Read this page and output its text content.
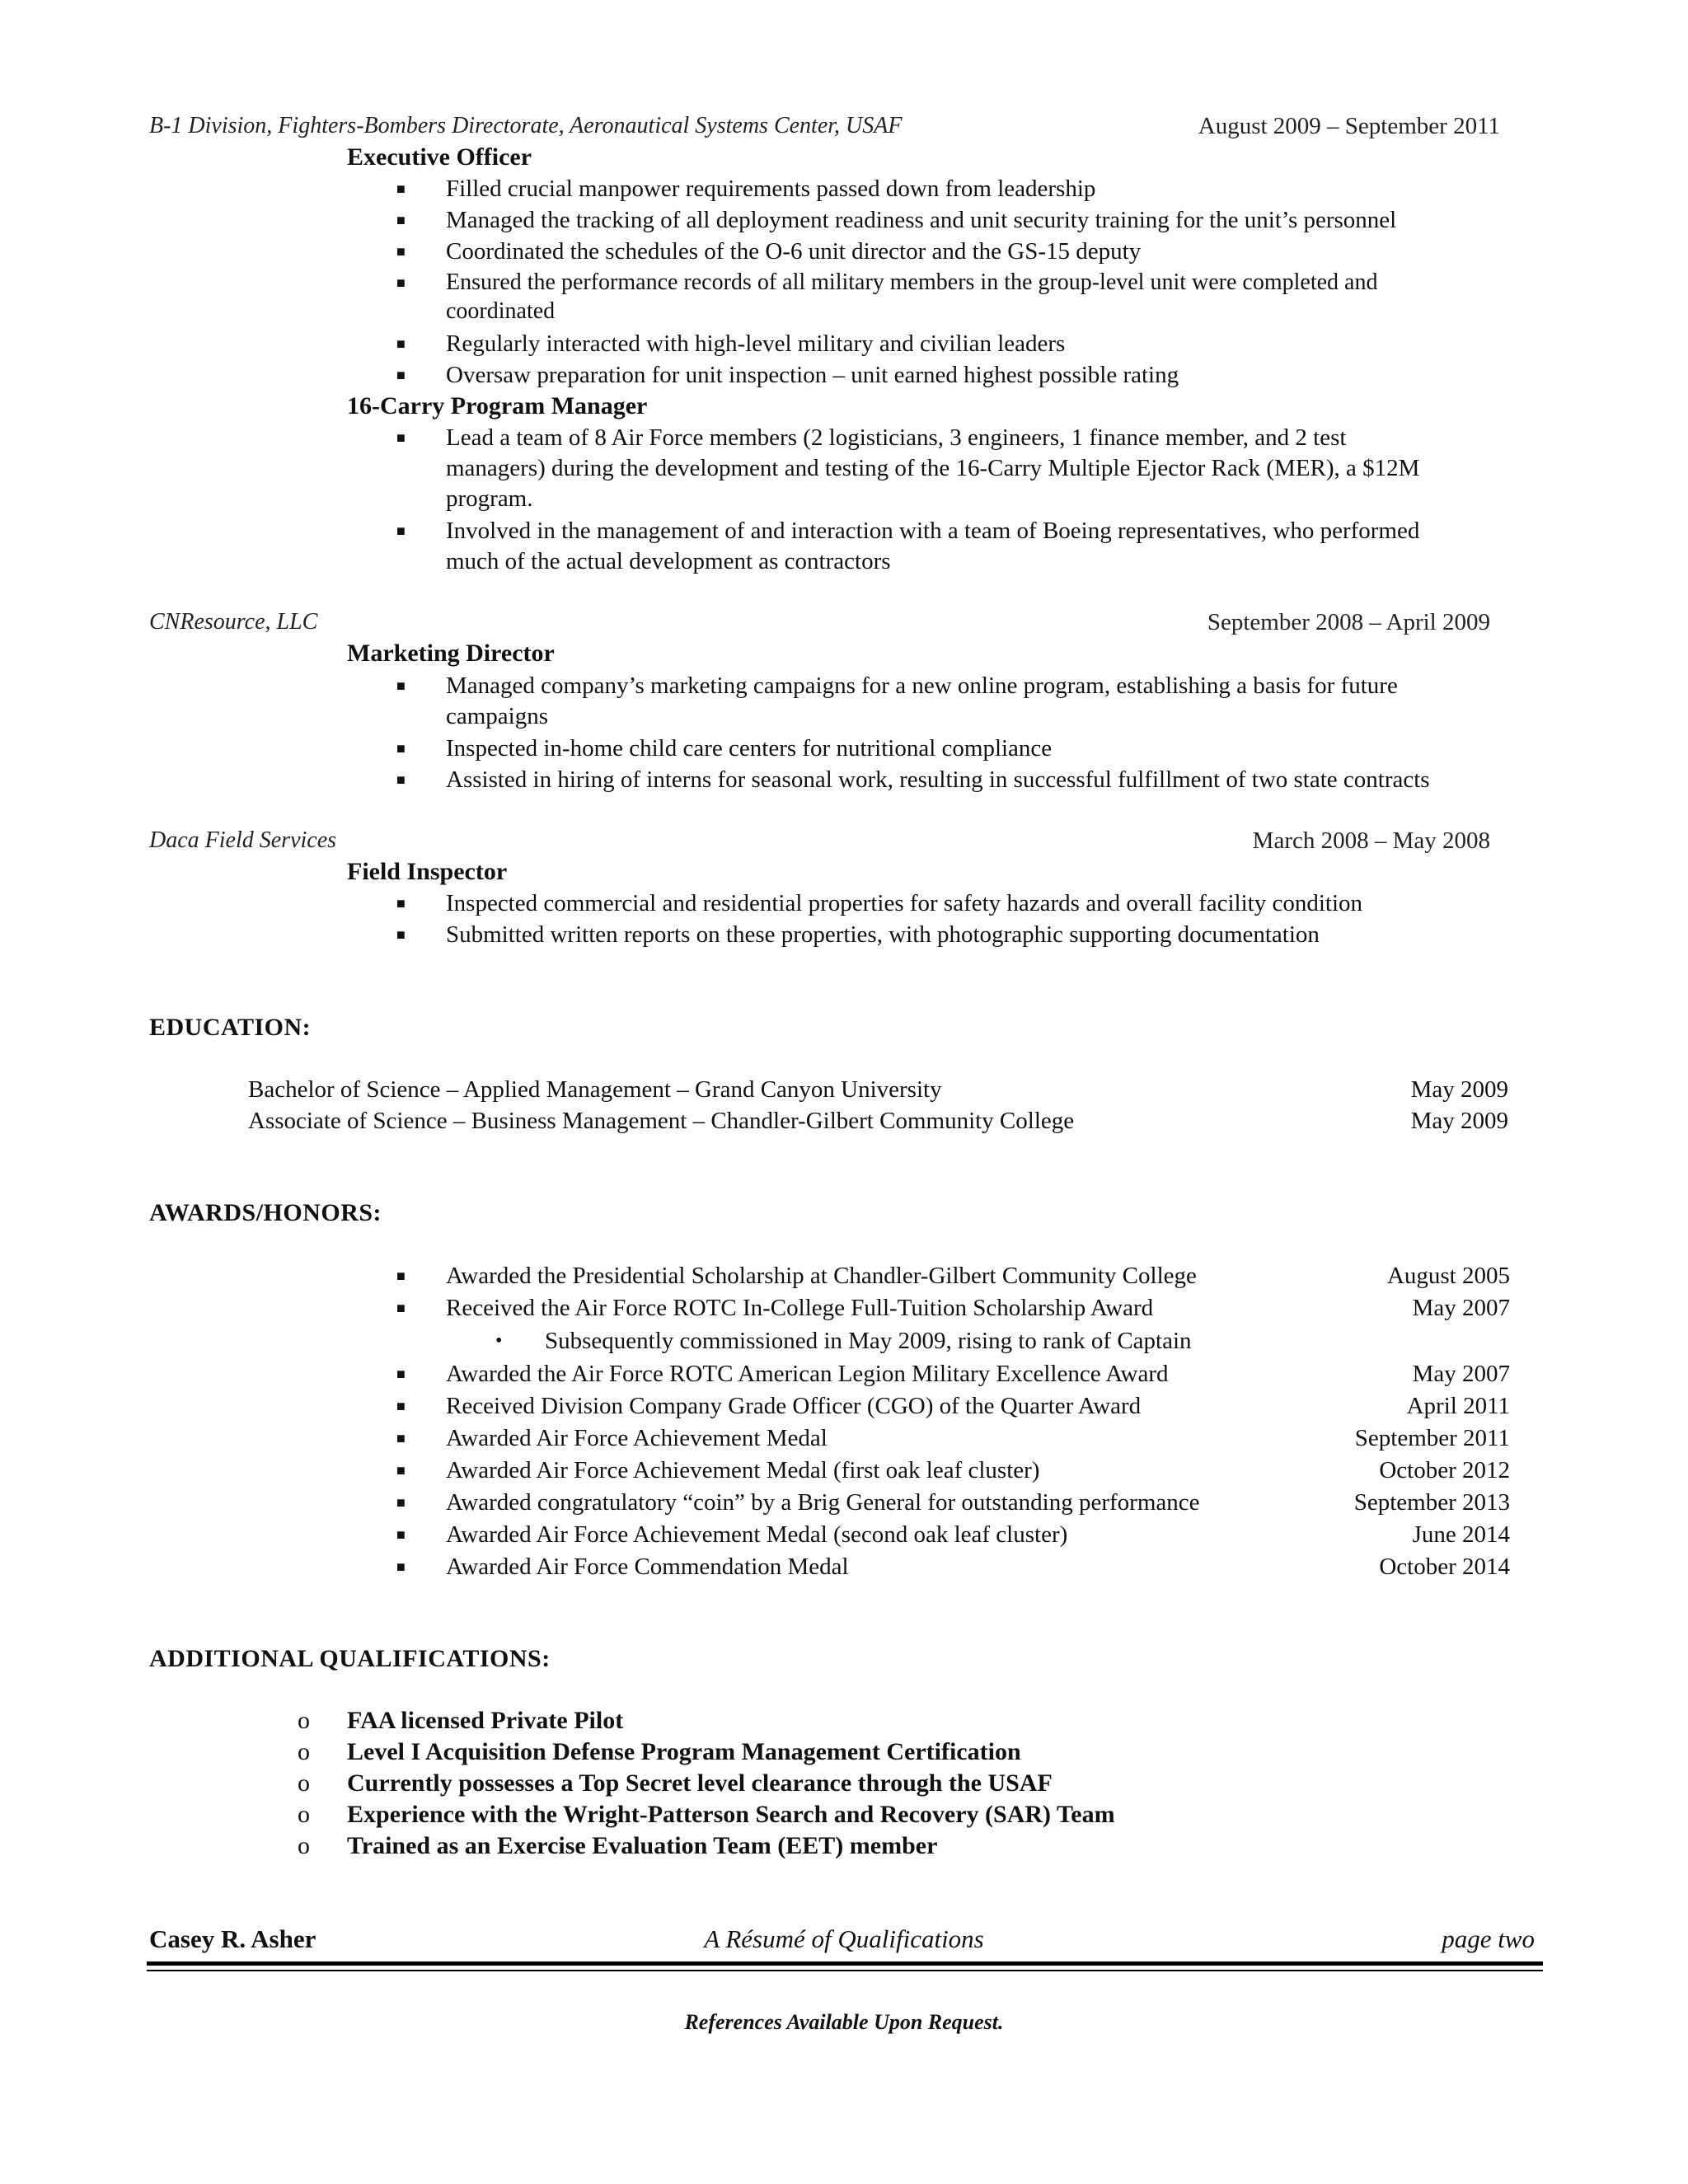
B-1 Division, Fighters-Bombers Directorate, Aeronautical Systems Center, USAF	August 2009 – September 2011
Executive Officer
■ Filled crucial manpower requirements passed down from leadership
■ Managed the tracking of all deployment readiness and unit security training for the unit’s personnel
■ Coordinated the schedules of the O-6 unit director and the GS-15 deputy
■ Ensured the performance records of all military members in the group-level unit were completed and
coordinated
■ Regularly interacted with high-level military and civilian leaders
■ Oversaw preparation for unit inspection – unit earned highest possible rating
16-Carry Program Manager
■ Lead a team of 8 Air Force members (2 logisticians, 3 engineers, 1 finance member, and 2 test
managers) during the development and testing of the 16-Carry Multiple Ejector Rack (MER), a $12M
program.
■ Involved in the management of and interaction with a team of Boeing representatives, who performed
much of the actual development as contractors
CNResource, LLC	September 2008 – April 2009
Marketing Director
■ Managed company’s marketing campaigns for a new online program, establishing a basis for future
campaigns
■ Inspected in-home child care centers for nutritional compliance
■ Assisted in hiring of interns for seasonal work, resulting in successful fulfillment of two state contracts
Daca Field Services	March 2008 – May 2008
Field Inspector
■ Inspected commercial and residential properties for safety hazards and overall facility condition
■ Submitted written reports on these properties, with photographic supporting documentation
EDUCATION:
Bachelor of Science – Applied Management – Grand Canyon University	May 2009
Associate of Science – Business Management – Chandler-Gilbert Community College	May 2009
AWARDS/HONORS:
■ Awarded the Presidential Scholarship at Chandler-Gilbert Community College	August 2005
■ Received the Air Force ROTC In-College Full-Tuition Scholarship Award	May 2007
• Subsequently commissioned in May 2009, rising to rank of Captain
■ Awarded the Air Force ROTC American Legion Military Excellence Award	May 2007
■ Received Division Company Grade Officer (CGO) of the Quarter Award	April 2011
■ Awarded Air Force Achievement Medal	September 2011
■ Awarded Air Force Achievement Medal (first oak leaf cluster)	October 2012
■ Awarded congratulatory “coin” by a Brig General for outstanding performance	September 2013
■ Awarded Air Force Achievement Medal (second oak leaf cluster)	June 2014
■ Awarded Air Force Commendation Medal	October 2014
ADDITIONAL QUALIFICATIONS:
o FAA licensed Private Pilot
o Level I Acquisition Defense Program Management Certification
o Currently possesses a Top Secret level clearance through the USAF
o Experience with the Wright-Patterson Search and Recovery (SAR) Team
o Trained as an Exercise Evaluation Team (EET) member
Casey R. Asher	A Résumé of Qualifications	page two
References Available Upon Request.
